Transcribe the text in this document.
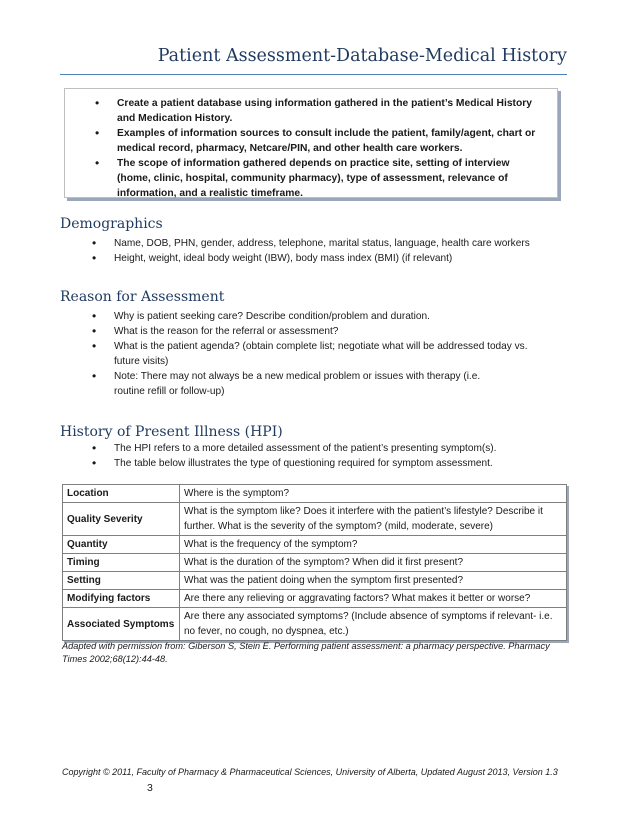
Patient Assessment-Database-Medical History
• Create a patient database using information gathered in the patient’s Medical History and Medication History.
• Examples of information sources to consult include the patient, family/agent, chart or medical record, pharmacy, Netcare/PIN, and other health care workers.
• The scope of information gathered depends on practice site, setting of interview (home, clinic, hospital, community pharmacy), type of assessment, relevance of information, and a realistic timeframe.
Demographics
• Name, DOB, PHN, gender, address, telephone, marital status, language, health care workers
• Height, weight, ideal body weight (IBW), body mass index (BMI) (if relevant)
Reason for Assessment
• Why is patient seeking care? Describe condition/problem and duration.
• What is the reason for the referral or assessment?
• What is the patient agenda? (obtain complete list; negotiate what will be addressed today vs. future visits)
• Note: There may not always be a new medical problem or issues with therapy (i.e. routine refill or follow-up)
History of Present Illness (HPI)
• The HPI refers to a more detailed assessment of the patient’s presenting symptom(s).
• The table below illustrates the type of questioning required for symptom assessment.
Location	Where is the symptom?
Quality Severity	What is the symptom like? Does it interfere with the patient’s lifestyle? Describe it further. What is the severity of the symptom? (mild, moderate, severe)
Quantity	What is the frequency of the symptom?
Timing	What is the duration of the symptom? When did it first present?
Setting	What was the patient doing when the symptom first presented?
Modifying factors	Are there any relieving or aggravating factors? What makes it better or worse?
Associated Symptoms	Are there any associated symptoms? (Include absence of symptoms if relevant- i.e. no fever, no cough, no dyspnea, etc.)

Adapted with permission from: Giberson S, Stein E. Performing patient assessment: a pharmacy perspective. Pharmacy Times 2002;68(12):44-48.

Copyright © 2011, Faculty of Pharmacy & Pharmaceutical Sciences, University of Alberta, Updated August 2013, Version 1.3

3
